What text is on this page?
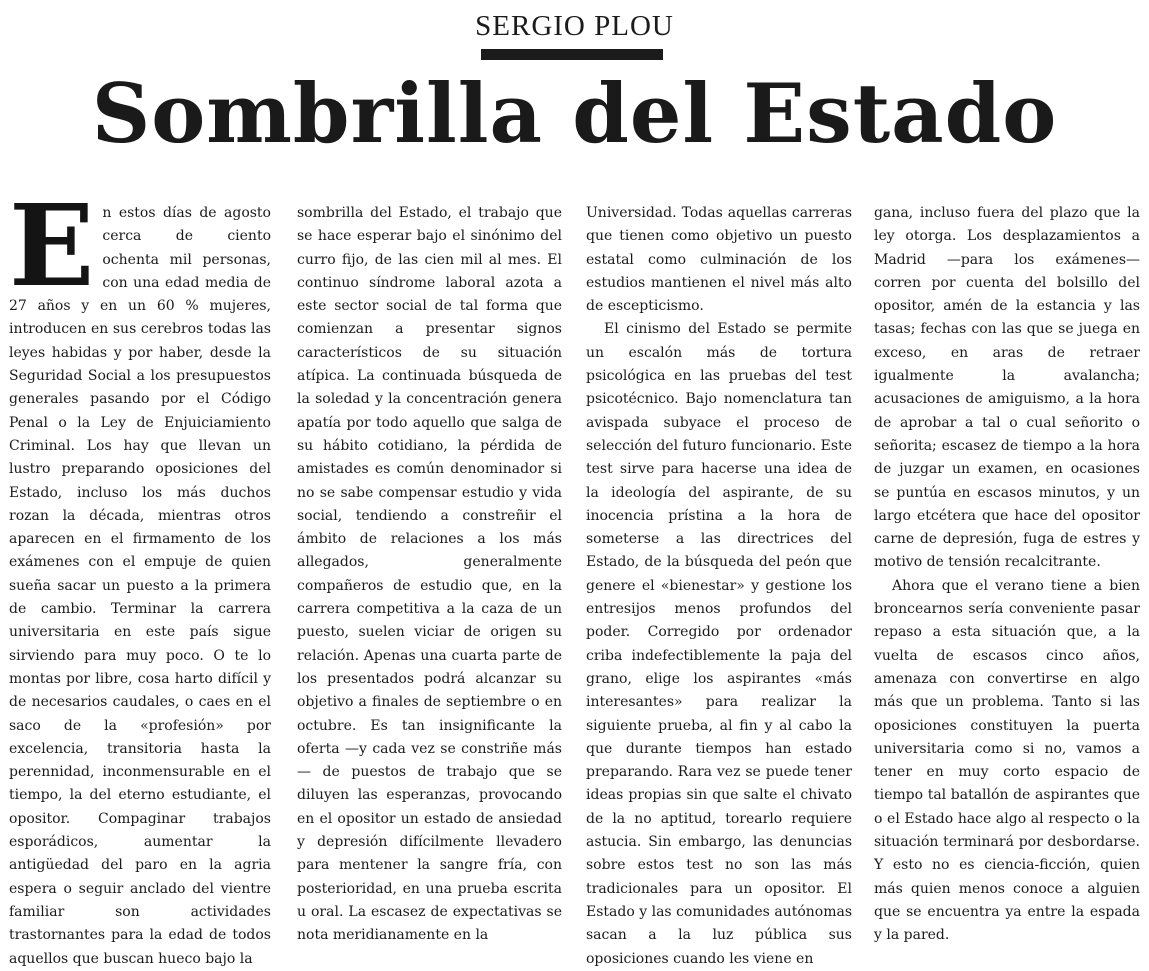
SERGIO PLOU
Sombrilla del Estado
E n estos días de agosto cerca de ciento ochenta mil personas, con una edad media de 27 años y en un 60 % mujeres, introducen en sus cerebros todas las leyes habidas y por haber, desde la Seguridad Social a los presupuestos generales pasando por el Código Penal o la Ley de Enjuiciamiento Criminal. Los hay que llevan un lustro preparando oposiciones del Estado, incluso los más duchos rozan la década, mientras otros aparecen en el firmamento de los exámenes con el empuje de quien sueña sacar un puesto a la primera de cambio. Terminar la carrera universitaria en este país sigue sirviendo para muy poco. O te lo montas por libre, cosa harto difícil y de necesarios caudales, o caes en el saco de la «profesión» por excelencia, transitoria hasta la perennidad, inconmensurable en el tiempo, la del eterno estudiante, el opositor. Compaginar trabajos esporádicos, aumentar la antigüedad del paro en la agria espera o seguir anclado del vientre familiar son actividades trastornantes para la edad de todos aquellos que buscan hueco bajo la

sombrilla del Estado, el trabajo que se hace esperar bajo el sinónimo del curro fijo, de las cien mil al mes. El continuo síndrome laboral azota a este sector social de tal forma que comienzan a presentar signos característicos de su situación atípica. La continuada búsqueda de la soledad y la concentración genera apatía por todo aquello que salga de su hábito cotidiano, la pérdida de amistades es común denominador si no se sabe compensar estudio y vida social, tendiendo a constreñir el ámbito de relaciones a los más allegados, generalmente compañeros de estudio que, en la carrera competitiva a la caza de un puesto, suelen viciar de origen su relación. Apenas una cuarta parte de los presentados podrá alcanzar su objetivo a finales de septiembre o en octubre. Es tan insignificante la oferta —y cada vez se constriñe más— de puestos de trabajo que se diluyen las esperanzas, provocando en el opositor un estado de ansiedad y depresión difícilmente llevadero para mentener la sangre fría, con posterioridad, en una prueba escrita u oral. La escasez de expectativas se nota meridianamente en la

Universidad. Todas aquellas carreras que tienen como objetivo un puesto estatal como culminación de los estudios mantienen el nivel más alto de escepticismo.

El cinismo del Estado se permite un escalón más de tortura psicológica en las pruebas del test psicotécnico. Bajo nomenclatura tan avispada subyace el proceso de selección del futuro funcionario. Este test sirve para hacerse una idea de la ideología del aspirante, de su inocencia prístina a la hora de someterse a las directrices del Estado, de la búsqueda del peón que genere el «bienestar» y gestione los entresijos menos profundos del poder. Corregido por ordenador criba indefectiblemente la paja del grano, elige los aspirantes «más interesantes» para realizar la siguiente prueba, al fin y al cabo la que durante tiempos han estado preparando. Rara vez se puede tener ideas propias sin que salte el chivato de la no aptitud, torearlo requiere astucia. Sin embargo, las denuncias sobre estos test no son las más tradicionales para un opositor. El Estado y las comunidades autónomas sacan a la luz pública sus oposiciones cuando les viene en

gana, incluso fuera del plazo que la ley otorga. Los desplazamientos a Madrid —para los exámenes— corren por cuenta del bolsillo del opositor, amén de la estancia y las tasas; fechas con las que se juega en exceso, en aras de retraer igualmente la avalancha; acusaciones de amiguismo, a la hora de aprobar a tal o cual señorito o señorita; escasez de tiempo a la hora de juzgar un examen, en ocasiones se puntúa en escasos minutos, y un largo etcétera que hace del opositor carne de depresión, fuga de estres y motivo de tensión recalcitrante.

Ahora que el verano tiene a bien broncearnos sería conveniente pasar repaso a esta situación que, a la vuelta de escasos cinco años, amenaza con convertirse en algo más que un problema. Tanto si las oposiciones constituyen la puerta universitaria como si no, vamos a tener en muy corto espacio de tiempo tal batallón de aspirantes que o el Estado hace algo al respecto o la situación terminará por desbordarse. Y esto no es ciencia-ficción, quien más quien menos conoce a alguien que se encuentra ya entre la espada y la pared.
